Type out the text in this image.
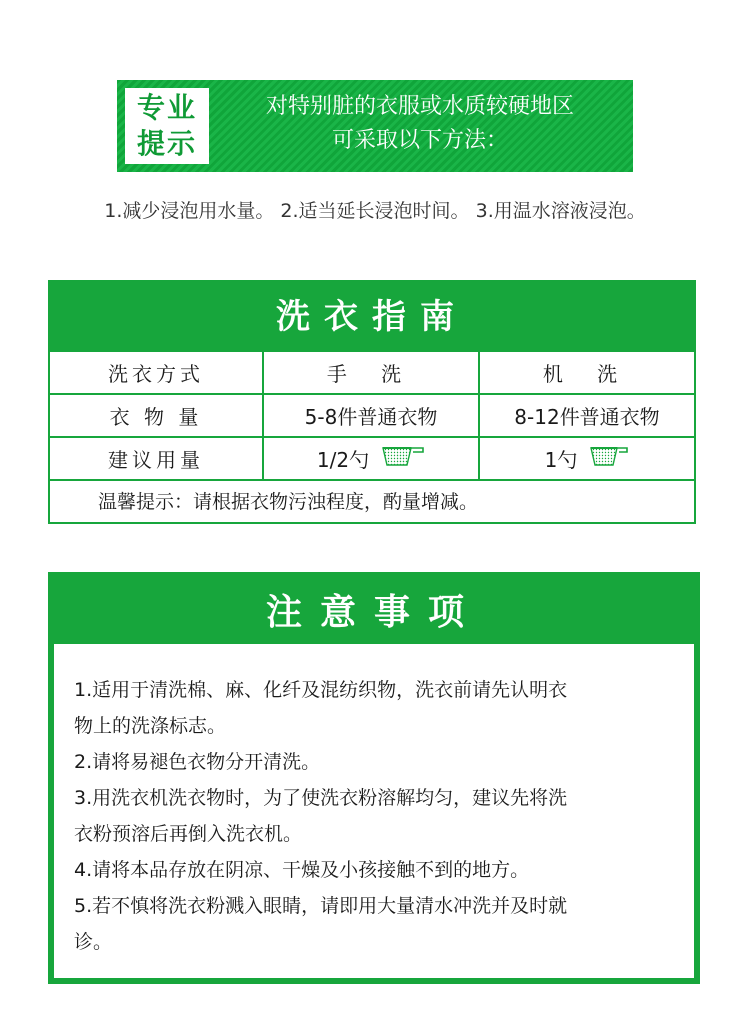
专业
提示
对特别脏的衣服或水质较硬地区
可采取以下方法：
1.减少浸泡用水量。 2.适当延长浸泡时间。 3.用温水溶液浸泡。
洗衣指南
洗衣方式	手 洗	机 洗
衣 物 量	5-8件普通衣物	8-12件普通衣物
建议用量	1/2勺	1勺
温馨提示：请根据衣物污浊程度，酌量增减。
注意事项

1.适用于清洗棉、麻、化纤及混纺织物，洗衣前请先认明衣

物上的洗涤标志。

2.请将易褪色衣物分开清洗。

3.用洗衣机洗衣物时，为了使洗衣粉溶解均匀，建议先将洗

衣粉预溶后再倒入洗衣机。

4.请将本品存放在阴凉、干燥及小孩接触不到的地方。

5.若不慎将洗衣粉溅入眼睛，请即用大量清水冲洗并及时就

诊。
